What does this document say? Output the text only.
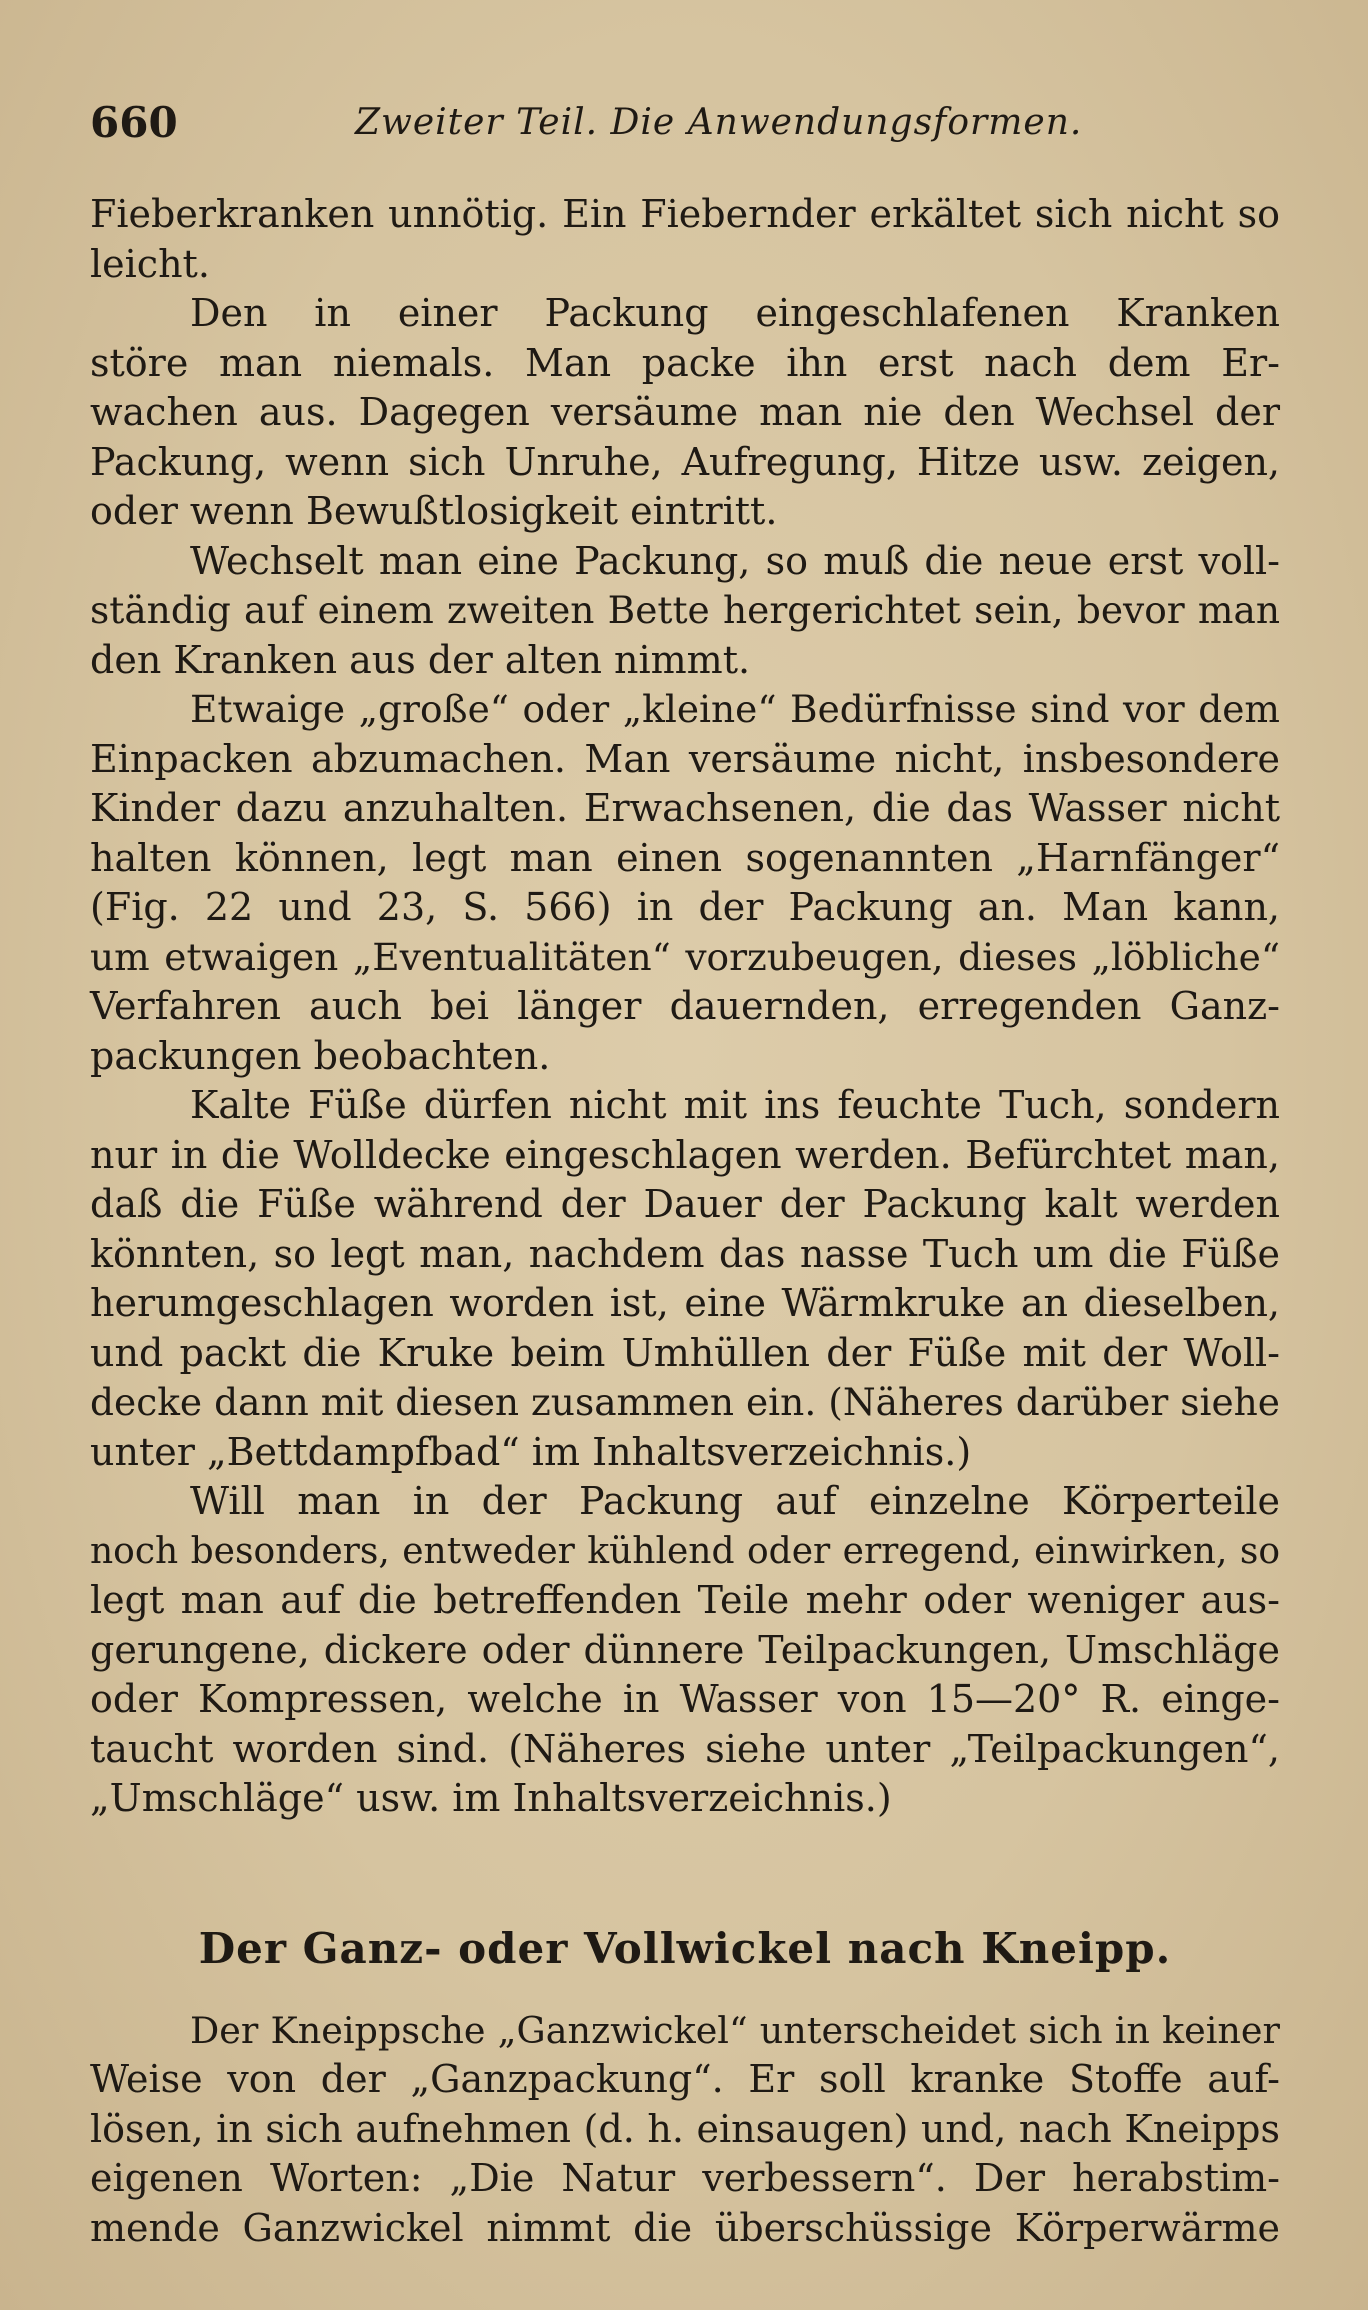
660	Zweiter Teil. Die Anwendungsformen.
Fieberkranken unnötig. Ein Fiebernder erkältet sich nicht so
leicht.
Den in einer Packung eingeschlafenen Kranken
störe man niemals. Man packe ihn erst nach dem Er-
wachen aus. Dagegen versäume man nie den Wechsel der
Packung, wenn sich Unruhe, Aufregung, Hitze usw. zeigen,
oder wenn Bewußtlosigkeit eintritt.
Wechselt man eine Packung, so muß die neue erst voll-
ständig auf einem zweiten Bette hergerichtet sein, bevor man
den Kranken aus der alten nimmt.
Etwaige „große“ oder „kleine“ Bedürfnisse sind vor dem
Einpacken abzumachen. Man versäume nicht, insbesondere
Kinder dazu anzuhalten. Erwachsenen, die das Wasser nicht
halten können, legt man einen sogenannten „Harnfänger“
(Fig. 22 und 23, S. 566) in der Packung an. Man kann,
um etwaigen „Eventualitäten“ vorzubeugen, dieses „löbliche“
Verfahren auch bei länger dauernden, erregenden Ganz-
packungen beobachten.
Kalte Füße dürfen nicht mit ins feuchte Tuch, sondern
nur in die Wolldecke eingeschlagen werden. Befürchtet man,
daß die Füße während der Dauer der Packung kalt werden
könnten, so legt man, nachdem das nasse Tuch um die Füße
herumgeschlagen worden ist, eine Wärmkruke an dieselben,
und packt die Kruke beim Umhüllen der Füße mit der Woll-
decke dann mit diesen zusammen ein. (Näheres darüber siehe
unter „Bettdampfbad“ im Inhaltsverzeichnis.)
Will man in der Packung auf einzelne Körperteile
noch besonders, entweder kühlend oder erregend, einwirken, so
legt man auf die betreffenden Teile mehr oder weniger aus-
gerungene, dickere oder dünnere Teilpackungen, Umschläge
oder Kompressen, welche in Wasser von 15—20° R. einge-
taucht worden sind. (Näheres siehe unter „Teilpackungen“,
„Umschläge“ usw. im Inhaltsverzeichnis.)
Der Ganz- oder Vollwickel nach Kneipp.
Der Kneippsche „Ganzwickel“ unterscheidet sich in keiner
Weise von der „Ganzpackung“. Er soll kranke Stoffe auf-
lösen, in sich aufnehmen (d. h. einsaugen) und, nach Kneipps
eigenen Worten: „Die Natur verbessern“. Der herabstim-
mende Ganzwickel nimmt die überschüssige Körperwärme
